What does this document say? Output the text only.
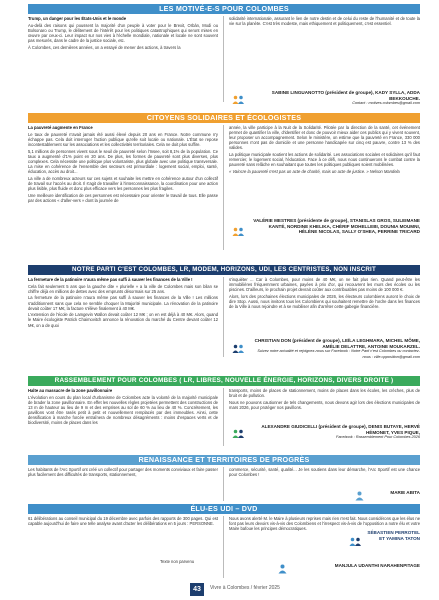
LES MOTIVÉ-E-S POUR COLOMBES

Trump, un danger pour les États-Unis et le monde

Au-delà des raisons qui poussent la majorité d'un peuple à voter pour le Brexit, Orbán, Modi ou Bolsonaro ou Trump, le délitement de l'intérêt pour les politiques catastrophiques qui seront mises en œuvre par ceux-ci. Leur impact sur nos vies à l'échelle mondiale, nationale et locale ne sont souvent pas mesurés, dans le cadre de la justice sociale, etc.

À Colombes, ces dernières années, on a essayé de mener des actions, à travers la

solidarité internationale, assurant le lien de notre destin et de celui du reste de l'humanité et de toute la vie sur la planète. C'est très modeste, mais ethiquement et politiquement, c'est essentiel.

SABINE LINGUANOTTO (président de groupe), KADY SYLLA, ADDA BEKKOUCHE.
Contact : motives.colombes@gmail.com
CITOYENS SOLIDAIRES ET ÉCOLOGISTES

La pauvreté augmente en France

Le taux de pauvreté n'avait jamais été aussi élevé depuis 20 ans en France. Notre commune n'y échappe pas. Cela doit interroger l'action publique qu'elle soit locale ou nationale. L'État se repose incontestablement sur les associations et les collectivités territoriales. Cela ne doit plus suffire.

5,1 millions de personnes vivent sous le seuil de pauvreté selon l'Insee, soit 8,1% de la population. Ce taux a augmenté d'1% point en 20 ans. De plus, les formes de pauvreté sont plus diverses, plus complexes. Cela nécessite une politique plus volontariste, plus globale avec une politique transversale. La mise en cohérence de l'ensemble des secteurs est primordiale : logement social, emploi, santé, éducation, accès au droit...

La ville a de nombreux acteurs sur ces sujets et souhaite les mettre en cohérence autour d'un collectif de travail sur l'accès au droit. Il s'agit de travailler à l'interconnaissance, la coordination pour une action plus lisible, plus fluide et donc plus efficace vers les personnes les plus fragiles.

Une meilleure identification de ces personnes est nécessaire pour orienter le travail de tous. Elle passe par des actions « d'aller-vers » dont la journée de

année, la ville participe à la Nuit de la Solidarité. Pilotée par la direction de la santé, cet événement permet de quantifier la ville, d'identifier et donc de pouvoir mieux aider ces publics qui y vivent souvent, leur proposer un accompagnement. Selon le ministère, on estime que la pauvreté en France, 330 000 personnes n'ont pas de domicile et une personne handicapée sur cinq est pauvre, contre 13 % des valides.

La politique municipale soutient les actions de solidarité. Les associations sociales et solidaires qu'il faut remercier, le logement social, l'éducation. Face à ce défi, nous nous continuerons le combat contre la pauvreté sans relâche en souhaitant que toutes les politiques publiques soient mobilisées.

« Vaincre la pauvreté n'est pas un acte de charité, mais un acte de justice. » Nelson Mandela

VALÉRIE MESTRES (présidente de groupe), STANISLAS GROS, SULEIMANE KANTÉ, NORDINE KHELIKA, CHÉRIF MOHELLEBI, DOUNIA MOUMNI, HÉLÈNE NICOLAS, SALLY O'SHEA, PERRINE TRICARD
NOTRE PARTI C'EST COLOMBES, LR, MODEM, HORIZONS, UDI, LES CENTRISTES, NON INSCRIT

La fermeture de la patinoire n'aura même pas suffi à sauver les finances de la Ville !

Cela fait seulement 5 ans que la gauche dite « plurielle » a la ville de Colombes mais son bilan se chiffre déjà en millions de dettes avec des emprunts désormais sur 25 ans.

La fermeture de la patinoire n'aura même pas suffi à sauver les finances de la Ville ! Les millions s'additionnent sans que cela ne semble choquer la Majorité municipale. La rénovation de la patinoire devait coûter 17 M€, la facture s'élève finalement à 40 M€.

L'extension de l'école de Lamgevin Wallon devait coûter 12 M€ ; on en est déjà à 40 M€. Alors, quand le Maire écologiste Patrick Chaimovitch annonce la rénovation du marché du Centre devant coûter 12 M€, on a de quoi

s'inquiéter ... Car à Colombes, pour moins de 40 M€, on ne fait plus rien. Quand peut-être les immobilières fréquemment urbaines, payées à prix d'or, qui recouvrent les murs des écoles ou les piscines. D'ailleurs, le prochain projet devrait coûter aux contribuables pas moins de 100 000 €.

Alors, lors des prochaines élections municipales de 2026, les électeurs colombiens auront le choix de dire Stop. Aussi, nous invitons tous les Colombiens qui souhaitent remettre de l'ordre dans les finances de la Ville à nous rejoindre et à se mobiliser afin d'arrêter cette gabegie financière.

CHRISTIAN DON (président de groupe), LEÏLA LEGHMARA, MICHEL MÔME, AMÉLIE DELATTRE, ANTOINE MOUKARZEL.
Suivez notre actualité et rejoignez-nous sur Facebook : Notre Parti c'est Colombes ou contactez-nous : ville.opposition@gmail.com
RASSEMBLEMENT POUR COLOMBES ( LR, LIBRES, NOUVELLE ÉNERGIE, HORIZONS, DIVERS DROITE )

Halte au massacre de la zone pavillonnaire

L'évolution en cours du plan local d'urbanisme de Colombes acte la volonté de la majorité municipale de brader la zone pavillonnaire. En effet les nouvelles règles projetées permettent des constructions de 13 m de hauteur au lieu de 9 m et des emprises au sol de 60 % au lieu de 40 %. Concrètement, les pavillons vont être rasés petit à petit et nouvellement remplacés par des immeubles. Ainsi, cette densification à marche forcée entraînera de nombreux désagréments : moins d'espaces verts et de biodiversité, moins de places dans les

transports, moins de places de stationnement, moins de places dans les écoles, les crèches, plus de bruit et de pollution.

Nous ne pouvons cautionner de tels changements, nous devons agir lors des élections municipales de mars 2026, pour protéger nos pavillons.

ALEXANDRE GIUDICELLI (président de groupe), DENIS BUTAYE, HERVÉ HÉMONET, YVES PIQUE,
Facebook : Rassemblement Pour Colombes 2026
RENAISSANCE ET TERRITOIRES DE PROGRÈS

Les habitants de l'Arc Sportif ont créé un collectif pour partager des moments conviviaux et faire passer plus facilement des difficultés de transports, stationnement,

commerce, sécurité, santé, qualité... Je les soutiens dans leur démarche, l'Arc Sportif est une chance pour Colombes !

MARIE ABITA
ÉLU-ES UDI – DVD

61 délibérations au conseil municipal du 19 décembre avec parfois des rapports de 300 pages. Qui est capable aujourd'hui de faire une telle analyse avant d'acter les délibérations en 5 jours : PERSONNE.

Nous avons alerté M. le Maire à plusieurs reprises mais rien n'est fait. Nous considérons que les élus ne font pas leurs devoirs vis-à-vis des Colombiens et l'irrespect vis-à-vis de l'opposition a notre élu et votre Maire bafoue les principes démocratiques.

SÉBASTIEN PERROTEL ET YAMINA TATON
Texte non parvenu
MANJULA UDANTHI NARAHENPITAGE
43	Vivre à Colombes / février 2025
